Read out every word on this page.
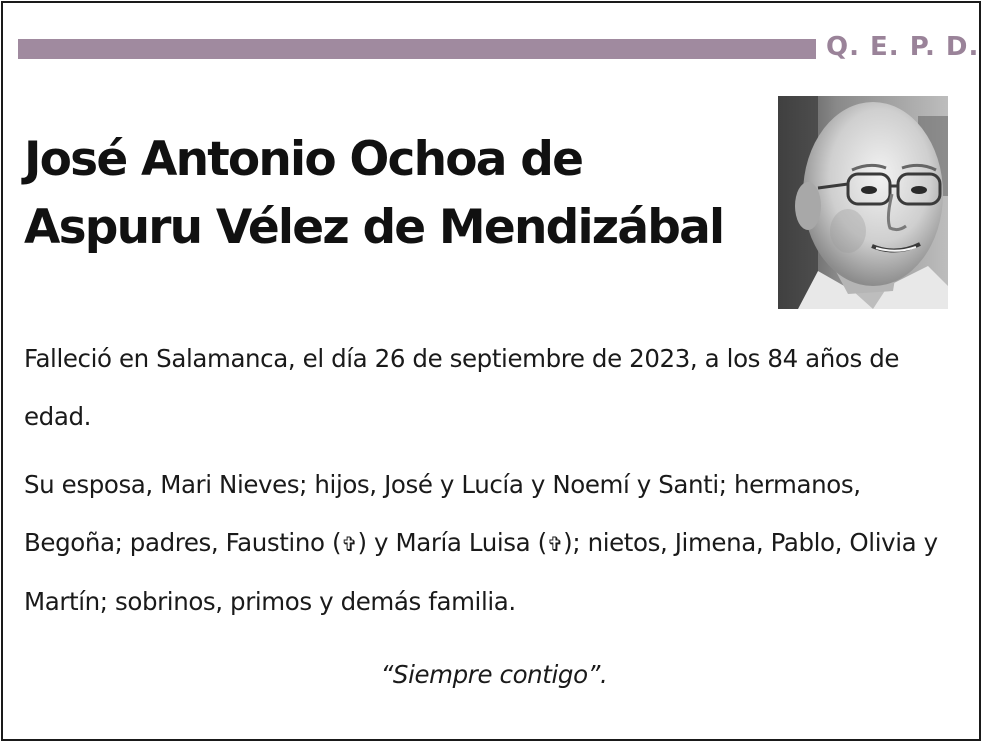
Q. E. P. D.
José Antonio Ochoa de
Aspuru Vélez de Mendizábal

Falleció en Salamanca, el día 26 de septiembre de 2023, a los 84 años de edad.

Su esposa, Mari Nieves; hijos, José y Lucía y Noemí y Santi; hermanos, Begoña; padres, Faustino (✞) y María Luisa (✞); nietos, Jimena, Pablo, Olivia y Martín; sobrinos, primos y demás familia.

“Siempre contigo”.
